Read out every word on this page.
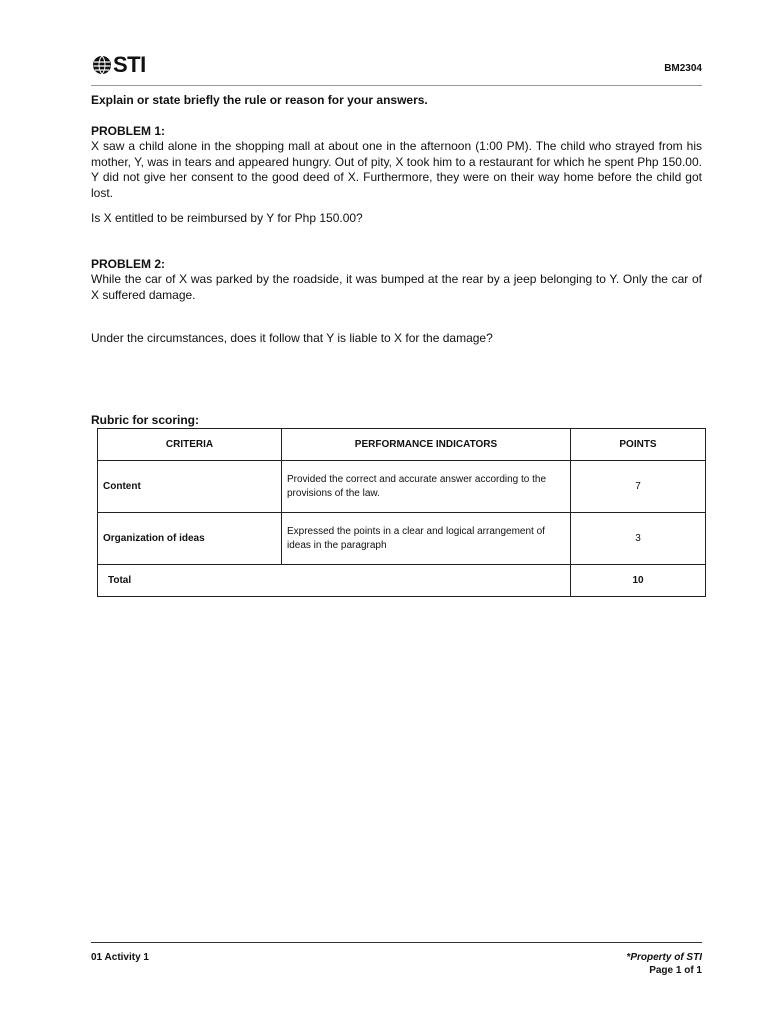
STI	BM2304
Explain or state briefly the rule or reason for your answers.
PROBLEM 1:

X saw a child alone in the shopping mall at about one in the afternoon (1:00 PM). The child who strayed from his mother, Y, was in tears and appeared hungry. Out of pity, X took him to a restaurant for which he spent Php 150.00. Y did not give her consent to the good deed of X. Furthermore, they were on their way home before the child got lost.

Is X entitled to be reimbursed by Y for Php 150.00?
PROBLEM 2:

While the car of X was parked by the roadside, it was bumped at the rear by a jeep belonging to Y. Only the car of X suffered damage.

Under the circumstances, does it follow that Y is liable to X for the damage?
Rubric for scoring:
CRITERIA	PERFORMANCE INDICATORS	POINTS
Content	Provided the correct and accurate answer according to the provisions of the law.	7
Organization of ideas	Expressed the points in a clear and logical arrangement of ideas in the paragraph	3
Total		10
01 Activity 1	*Property of STI
Page 1 of 1
